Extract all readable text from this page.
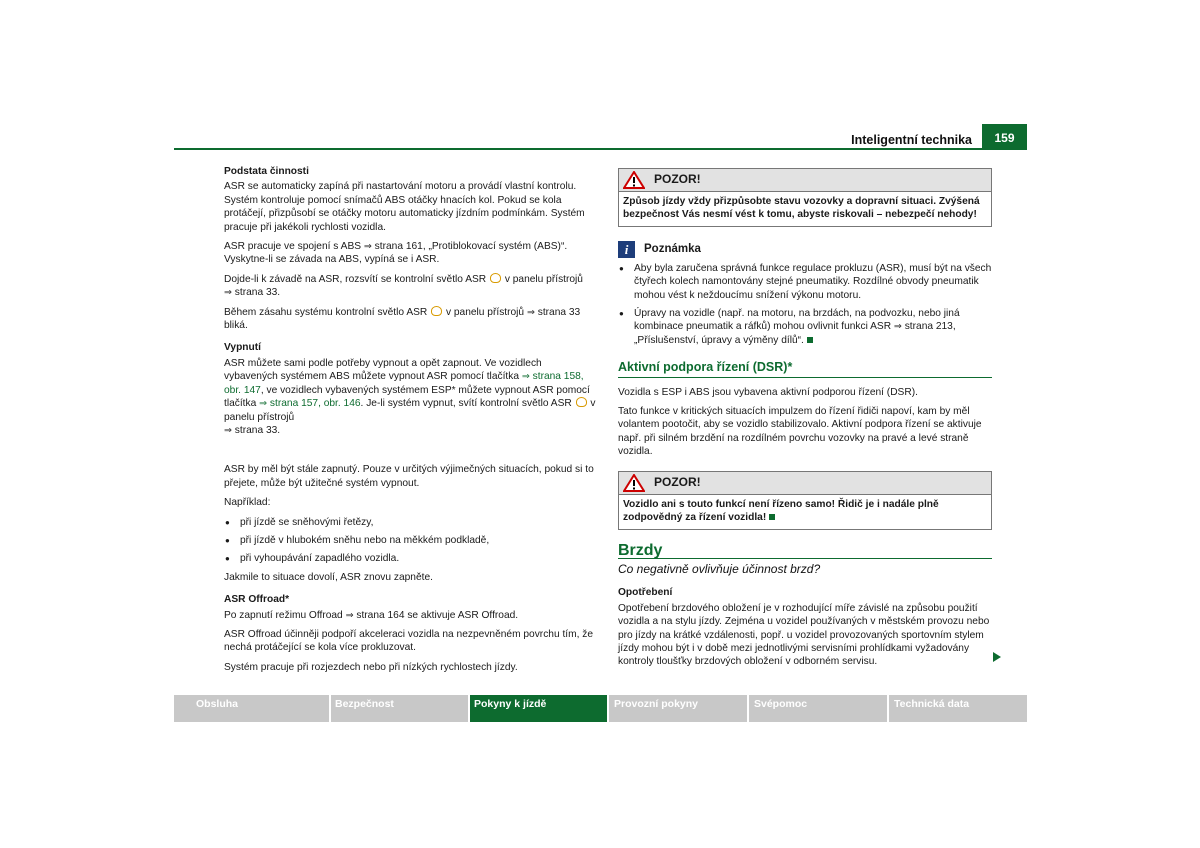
Inteligentní technika	159
Podstata činnosti

ASR se automaticky zapíná při nastartování motoru a provádí vlastní kontrolu. Systém kontroluje pomocí snímačů ABS otáčky hnacích kol. Pokud se kola protáčejí, přizpůsobí se otáčky motoru automaticky jízdním podmínkám. Systém pracuje při jakékoli rychlosti vozidla.

ASR pracuje ve spojení s ABS ⇒ strana 161, „Protiblokovací systém (ABS)“. Vyskytne-li se závada na ABS, vypíná se i ASR.

Dojde-li k závadě na ASR, rozsvítí se kontrolní světlo ASR  v panelu přístrojů
⇒ strana 33.

Během zásahu systému kontrolní světlo ASR  v panelu přístrojů ⇒ strana 33 bliká.

Vypnutí

ASR můžete sami podle potřeby vypnout a opět zapnout. Ve vozidlech vybavených systémem ABS můžete vypnout ASR pomocí tlačítka ⇒ strana 158, obr. 147, ve vozidlech vybavených systémem ESP* můžete vypnout ASR pomocí tlačítka ⇒ strana 157, obr. 146. Je-li systém vypnut, svítí kontrolní světlo ASR  v panelu přístrojů
⇒ strana 33.

ASR by měl být stále zapnutý. Pouze v určitých výjimečných situacích, pokud si to přejete, může být užitečné systém vypnout.

Například:

● při jízdě se sněhovými řetězy,
● při jízdě v hlubokém sněhu nebo na měkkém podkladě,
● při vyhoupávání zapadlého vozidla.

Jakmile to situace dovolí, ASR znovu zapněte.

ASR Offroad*

Po zapnutí režimu Offroad ⇒ strana 164 se aktivuje ASR Offroad.

ASR Offroad účinněji podpoří akceleraci vozidla na nezpevněném povrchu tím, že nechá protáčející se kola více prokluzovat.

Systém pracuje při rozjezdech nebo při nízkých rychlostech jízdy.

POZOR!
Způsob jízdy vždy přizpůsobte stavu vozovky a dopravní situaci. Zvýšená bezpečnost Vás nesmí vést k tomu, abyste riskovali – nebezpečí nehody!
i	Poznámka
● Aby byla zaručena správná funkce regulace prokluzu (ASR), musí být na všech čtyřech kolech namontovány stejné pneumatiky. Rozdílné obvody pneumatik mohou vést k neždoucímu snížení výkonu motoru.
● Úpravy na vozidle (např. na motoru, na brzdách, na podvozku, nebo jiná kombinace pneumatik a ráfků) mohou ovlivnit funkci ASR ⇒ strana 213, „Příslušenství, úpravy a výměny dílů“.
Aktivní podpora řízení (DSR)*

Vozidla s ESP i ABS jsou vybavena aktivní podporou řízení (DSR).

Tato funkce v kritických situacích impulzem do řízení řidiči napoví, kam by měl volantem pootočit, aby se vozidlo stabilizovalo. Aktivní podpora řízení se aktivuje např. při silném brzdění na rozdílném povrchu vozovky na pravé a levé straně vozidla.

POZOR!
Vozidlo ani s touto funkcí není řízeno samo! Řidič je i nadále plně zodpovědný za řízení vozidla!
Brzdy
Co negativně ovlivňuje účinnost brzd?
Opotřebení

Opotřebení brzdového obložení je v rozhodující míře závislé na způsobu použití vozidla a na stylu jízdy. Zejména u vozidel používaných v městském provozu nebo pro jízdy na krátké vzdálenosti, popř. u vozidel provozovaných sportovním stylem jízdy mohou být i v době mezi jednotlivými servisními prohlídkami vyžadovány kontroly tloušťky brzdových obložení v odborném servisu.

Obsluha	Bezpečnost	Pokyny k jízdě	Provozní pokyny	Svépomoc	Technická data
